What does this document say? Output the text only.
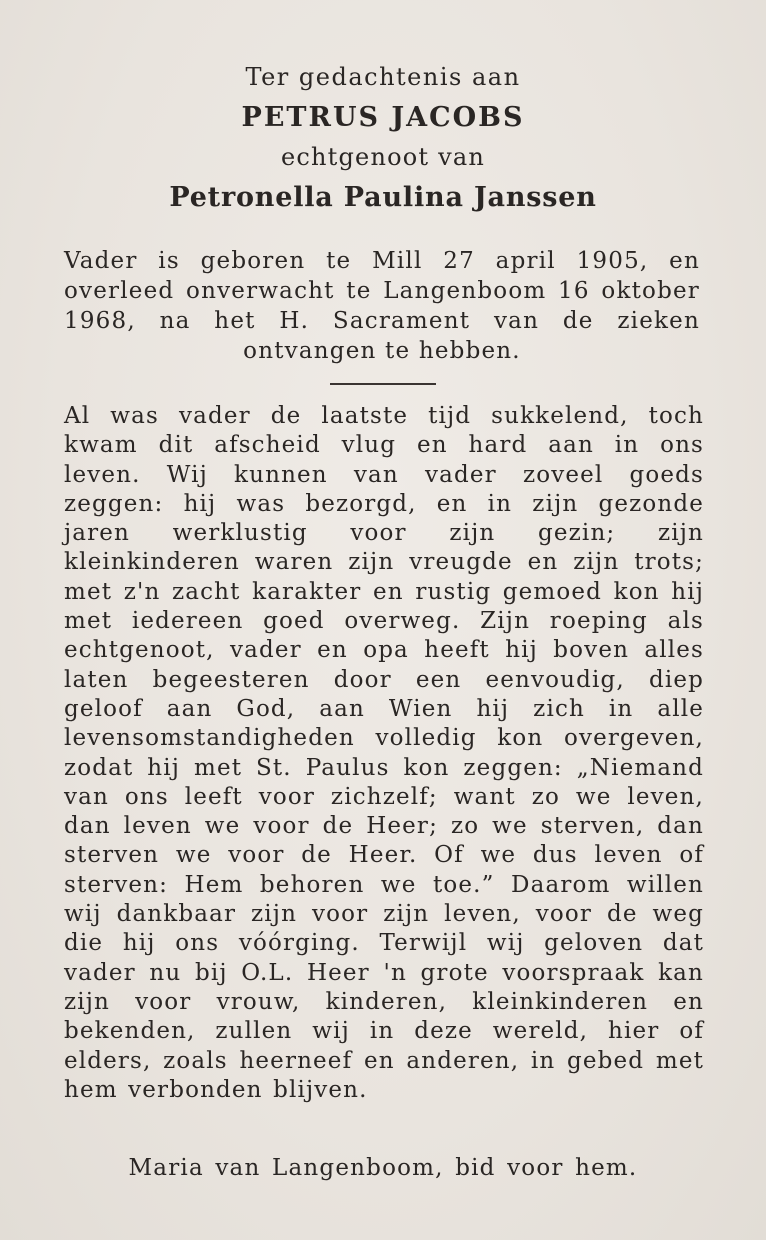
Ter gedachtenis aan

PETRUS JACOBS

echtgenoot van

Petronella Paulina Janssen

Vader is geboren te Mill 27 april 1905, en overleed onverwacht te Langenboom 16 oktober 1968, na het H. Sacrament van de zieken ontvangen te hebben.
Al was vader de laatste tijd sukkelend, toch kwam dit afscheid vlug en hard aan in ons leven. Wij kunnen van vader zoveel goeds zeggen: hij was bezorgd, en in zijn gezonde jaren werklustig voor zijn gezin; zijn kleinkinderen waren zijn vreugde en zijn trots; met z'n zacht karakter en rustig gemoed kon hij met iedereen goed overweg. Zijn roeping als echtgenoot, vader en opa heeft hij boven alles laten begeesteren door een eenvoudig, diep geloof aan God, aan Wien hij zich in alle levensomstandigheden volledig kon overgeven, zodat hij met St. Paulus kon zeggen: „Niemand van ons leeft voor zichzelf; want zo we leven, dan leven we voor de Heer; zo we sterven, dan sterven we voor de Heer. Of we dus leven of sterven: Hem behoren we toe.” Daarom willen wij dankbaar zijn voor zijn leven, voor de weg die hij ons vóórging. Terwijl wij geloven dat vader nu bij O.L. Heer 'n grote voorspraak kan zijn voor vrouw, kinderen, kleinkinderen en bekenden, zullen wij in deze wereld, hier of elders, zoals heerneef en anderen, in gebed met hem verbonden blijven.
Maria van Langenboom, bid voor hem.
